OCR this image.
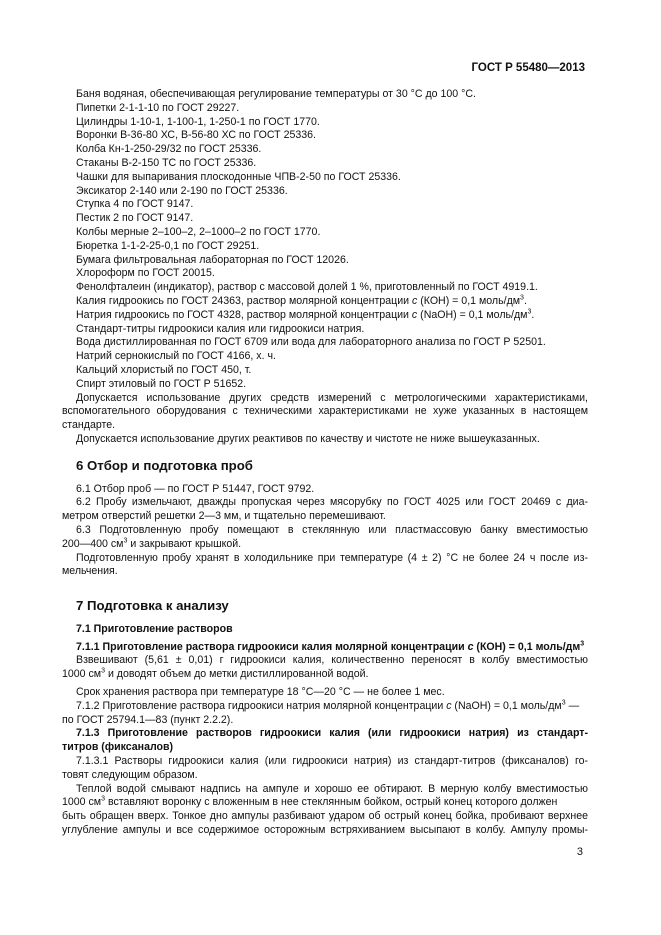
ГОСТ Р 55480—2013
Баня водяная, обеспечивающая регулирование температуры от 30 °С до 100 °С.
Пипетки 2-1-1-10 по ГОСТ 29227.
Цилиндры 1-10-1, 1-100-1, 1-250-1 по ГОСТ 1770.
Воронки В-36-80 ХС, В-56-80 ХС по ГОСТ 25336.
Колба Кн-1-250-29/32 по ГОСТ 25336.
Стаканы В-2-150 ТС по ГОСТ 25336.
Чашки для выпаривания плоскодонные ЧПВ-2-50 по ГОСТ 25336.
Эксикатор 2-140 или 2-190 по ГОСТ 25336.
Ступка 4 по ГОСТ 9147.
Пестик 2 по ГОСТ 9147.
Колбы мерные 2–100–2, 2–1000–2 по ГОСТ 1770.
Бюретка 1-1-2-25-0,1 по ГОСТ 29251.
Бумага фильтровальная лабораторная по ГОСТ 12026.
Хлороформ по ГОСТ 20015.
Фенолфталеин (индикатор), раствор с массовой долей 1 %, приготовленный по ГОСТ 4919.1.
Калия гидроокись по ГОСТ 24363, раствор молярной концентрации с (КОН) = 0,1 моль/$дм^3$.
Натрия гидроокись по ГОСТ 4328, раствор молярной концентрации с (NaOH) = 0,1 моль/$дм^3$.
Стандарт-титры гидроокиси калия или гидроокиси натрия.
Вода дистиллированная по ГОСТ 6709 или вода для лабораторного анализа по ГОСТ Р 52501.
Натрий сернокислый по ГОСТ 4166, х. ч.
Кальций хлористый по ГОСТ 450, т.
Спирт этиловый по ГОСТ Р 51652.
Допускается использование других средств измерений с метрологическими характеристиками,
вспомогательного оборудования с техническими характеристиками не хуже указанных в настоящем
стандарте.
Допускается использование других реактивов по качеству и чистоте не ниже вышеуказанных.
6 Отбор и подготовка проб
6.1 Отбор проб — по ГОСТ Р 51447, ГОСТ 9792.
6.2 Пробу измельчают, дважды пропуская через мясорубку по ГОСТ 4025 или ГОСТ 20469 с диа-
метром отверстий решетки 2—3 мм, и тщательно перемешивают.
6.3 Подготовленную пробу помещают в стеклянную или пластмассовую банку вместимостью
200—400 $см^3$ и закрывают крышкой.
Подготовленную пробу хранят в холодильнике при температуре (4 ± 2) °С не более 24 ч после из-
мельчения.
7 Подготовка к анализу
7.1 Приготовление растворов
7.1.1 Приготовление раствора гидроокиси калия молярной концентрации с (КОН) = 0,1 моль/$дм^3$
Взвешивают (5,61 ± 0,01) г гидроокиси калия, количественно переносят в колбу вместимостью
1000 $см^3$ и доводят объем до метки дистиллированной водой.
Срок хранения раствора при температуре 18 °С—20 °С — не более 1 мес.
7.1.2 Приготовление раствора гидроокиси натрия молярной концентрации с (NaOH) = 0,1 моль/$дм^3$ —
по ГОСТ 25794.1—83 (пункт 2.2.2).
7.1.3 Приготовление растворов гидроокиси калия (или гидроокиси натрия) из стандарт-
титров (фиксаналов)
7.1.3.1 Растворы гидроокиси калия (или гидроокиси натрия) из стандарт-титров (фиксаналов) го-
товят следующим образом.
Теплой водой смывают надпись на ампуле и хорошо ее обтирают. В мерную колбу вместимостью
1000 $см^3$ вставляют воронку с вложенным в нее стеклянным бойком, острый конец которого должен
быть обращен вверх. Тонкое дно ампулы разбивают ударом об острый конец бойка, пробивают верхнее
углубление ампулы и все содержимое осторожным встряхиванием высыпают в колбу. Ампулу промы-
3
